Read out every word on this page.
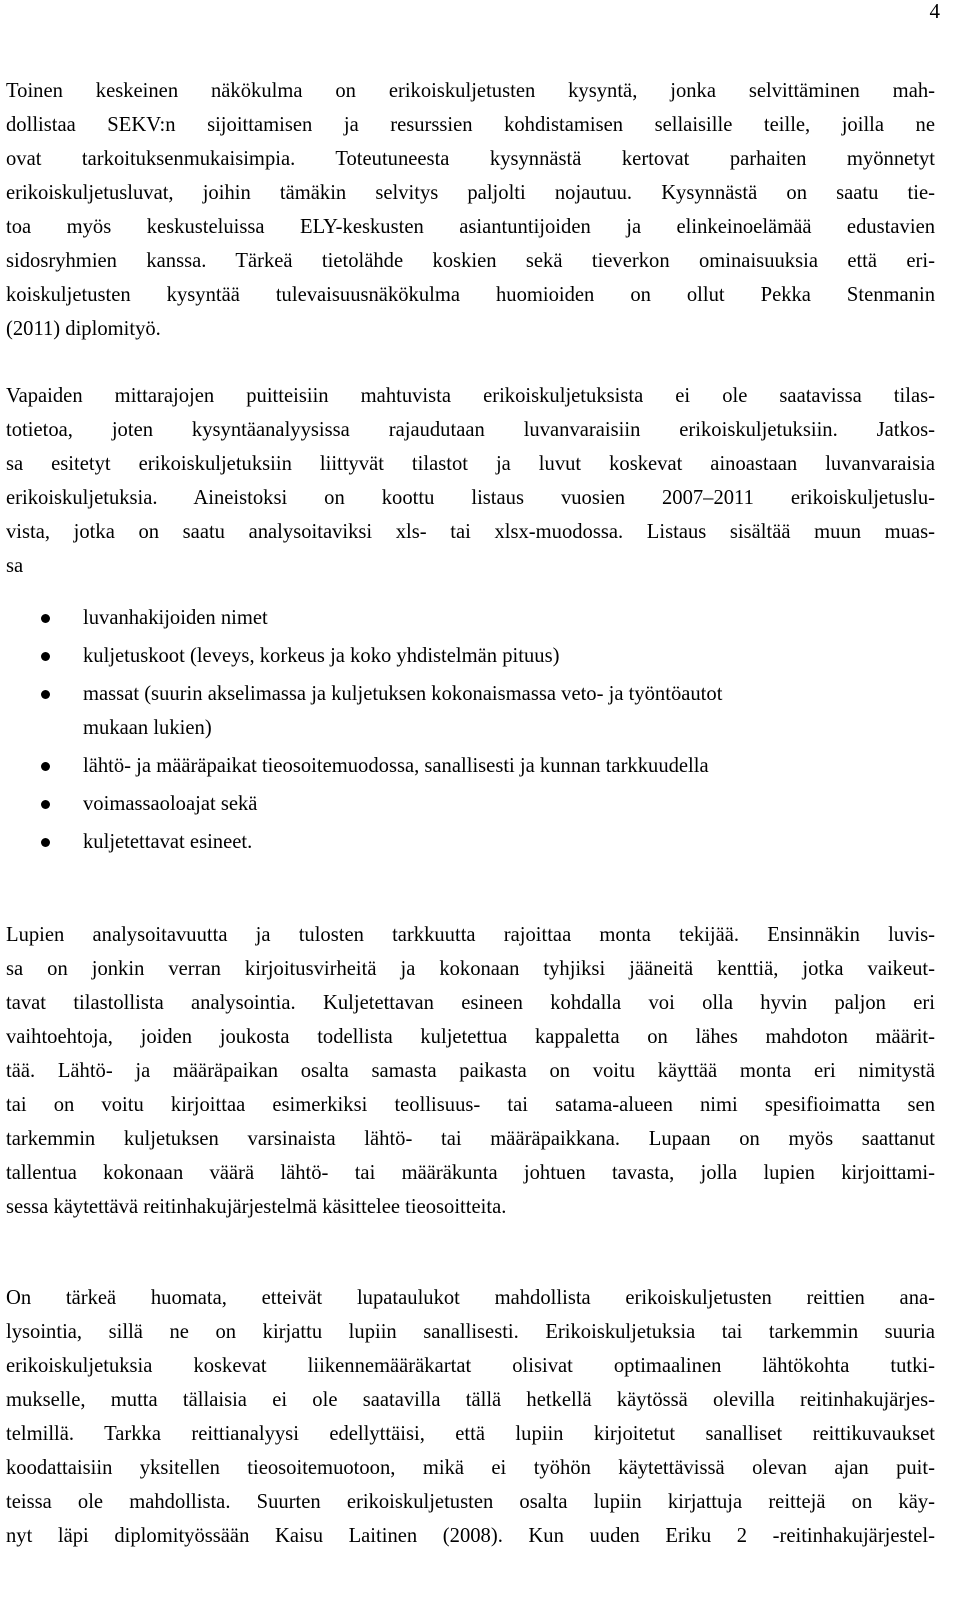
4
Toinen keskeinen näkökulma on erikoiskuljetusten kysyntä, jonka selvittäminen mah-
dollistaa SEKV:n sijoittamisen ja resurssien kohdistamisen sellaisille teille, joilla ne
ovat tarkoituksenmukaisimpia. Toteutuneesta kysynnästä kertovat parhaiten myönnetyt
erikoiskuljetusluvat, joihin tämäkin selvitys paljolti nojautuu. Kysynnästä on saatu tie-
toa myös keskusteluissa ELY-keskusten asiantuntijoiden ja elinkeinoelämää edustavien
sidosryhmien kanssa. Tärkeä tietolähde koskien sekä tieverkon ominaisuuksia että eri-
koiskuljetusten kysyntää tulevaisuusnäkökulma huomioiden on ollut Pekka Stenmanin
(2011) diplomityö.
Vapaiden mittarajojen puitteisiin mahtuvista erikoiskuljetuksista ei ole saatavissa tilas-
totietoa, joten kysyntäanalyysissa rajaudutaan luvanvaraisiin erikoiskuljetuksiin. Jatkos-
sa esitetyt erikoiskuljetuksiin liittyvät tilastot ja luvut koskevat ainoastaan luvanvaraisia
erikoiskuljetuksia. Aineistoksi on koottu listaus vuosien 2007–2011 erikoiskuljetuslu-
vista, jotka on saatu analysoitaviksi xls- tai xlsx-muodossa. Listaus sisältää muun muas-
sa
luvanhakijoiden nimet
kuljetuskoot (leveys, korkeus ja koko yhdistelmän pituus)
massat (suurin akselimassa ja kuljetuksen kokonaismassa veto- ja työntöautot
mukaan lukien)
lähtö- ja määräpaikat tieosoitemuodossa, sanallisesti ja kunnan tarkkuudella
voimassaoloajat sekä
kuljetettavat esineet.
Lupien analysoitavuutta ja tulosten tarkkuutta rajoittaa monta tekijää. Ensinnäkin luvis-
sa on jonkin verran kirjoitusvirheitä ja kokonaan tyhjiksi jääneitä kenttiä, jotka vaikeut-
tavat tilastollista analysointia. Kuljetettavan esineen kohdalla voi olla hyvin paljon eri
vaihtoehtoja, joiden joukosta todellista kuljetettua kappaletta on lähes mahdoton määrit-
tää. Lähtö- ja määräpaikan osalta samasta paikasta on voitu käyttää monta eri nimitystä
tai on voitu kirjoittaa esimerkiksi teollisuus- tai satama-alueen nimi spesifioimatta sen
tarkemmin kuljetuksen varsinaista lähtö- tai määräpaikkana. Lupaan on myös saattanut
tallentua kokonaan väärä lähtö- tai määräkunta johtuen tavasta, jolla lupien kirjoittami-
sessa käytettävä reitinhakujärjestelmä käsittelee tieosoitteita.
On tärkeä huomata, etteivät lupataulukot mahdollista erikoiskuljetusten reittien ana-
lysointia, sillä ne on kirjattu lupiin sanallisesti. Erikoiskuljetuksia tai tarkemmin suuria
erikoiskuljetuksia koskevat liikennemääräkartat olisivat optimaalinen lähtökohta tutki-
mukselle, mutta tällaisia ei ole saatavilla tällä hetkellä käytössä olevilla reitinhakujärjes-
telmillä. Tarkka reittianalyysi edellyttäisi, että lupiin kirjoitetut sanalliset reittikuvaukset
koodattaisiin yksitellen tieosoitemuotoon, mikä ei työhön käytettävissä olevan ajan puit-
teissa ole mahdollista. Suurten erikoiskuljetusten osalta lupiin kirjattuja reittejä on käy-
nyt läpi diplomityössään Kaisu Laitinen (2008). Kun uuden Eriku 2 -reitinhakujärjestel-
